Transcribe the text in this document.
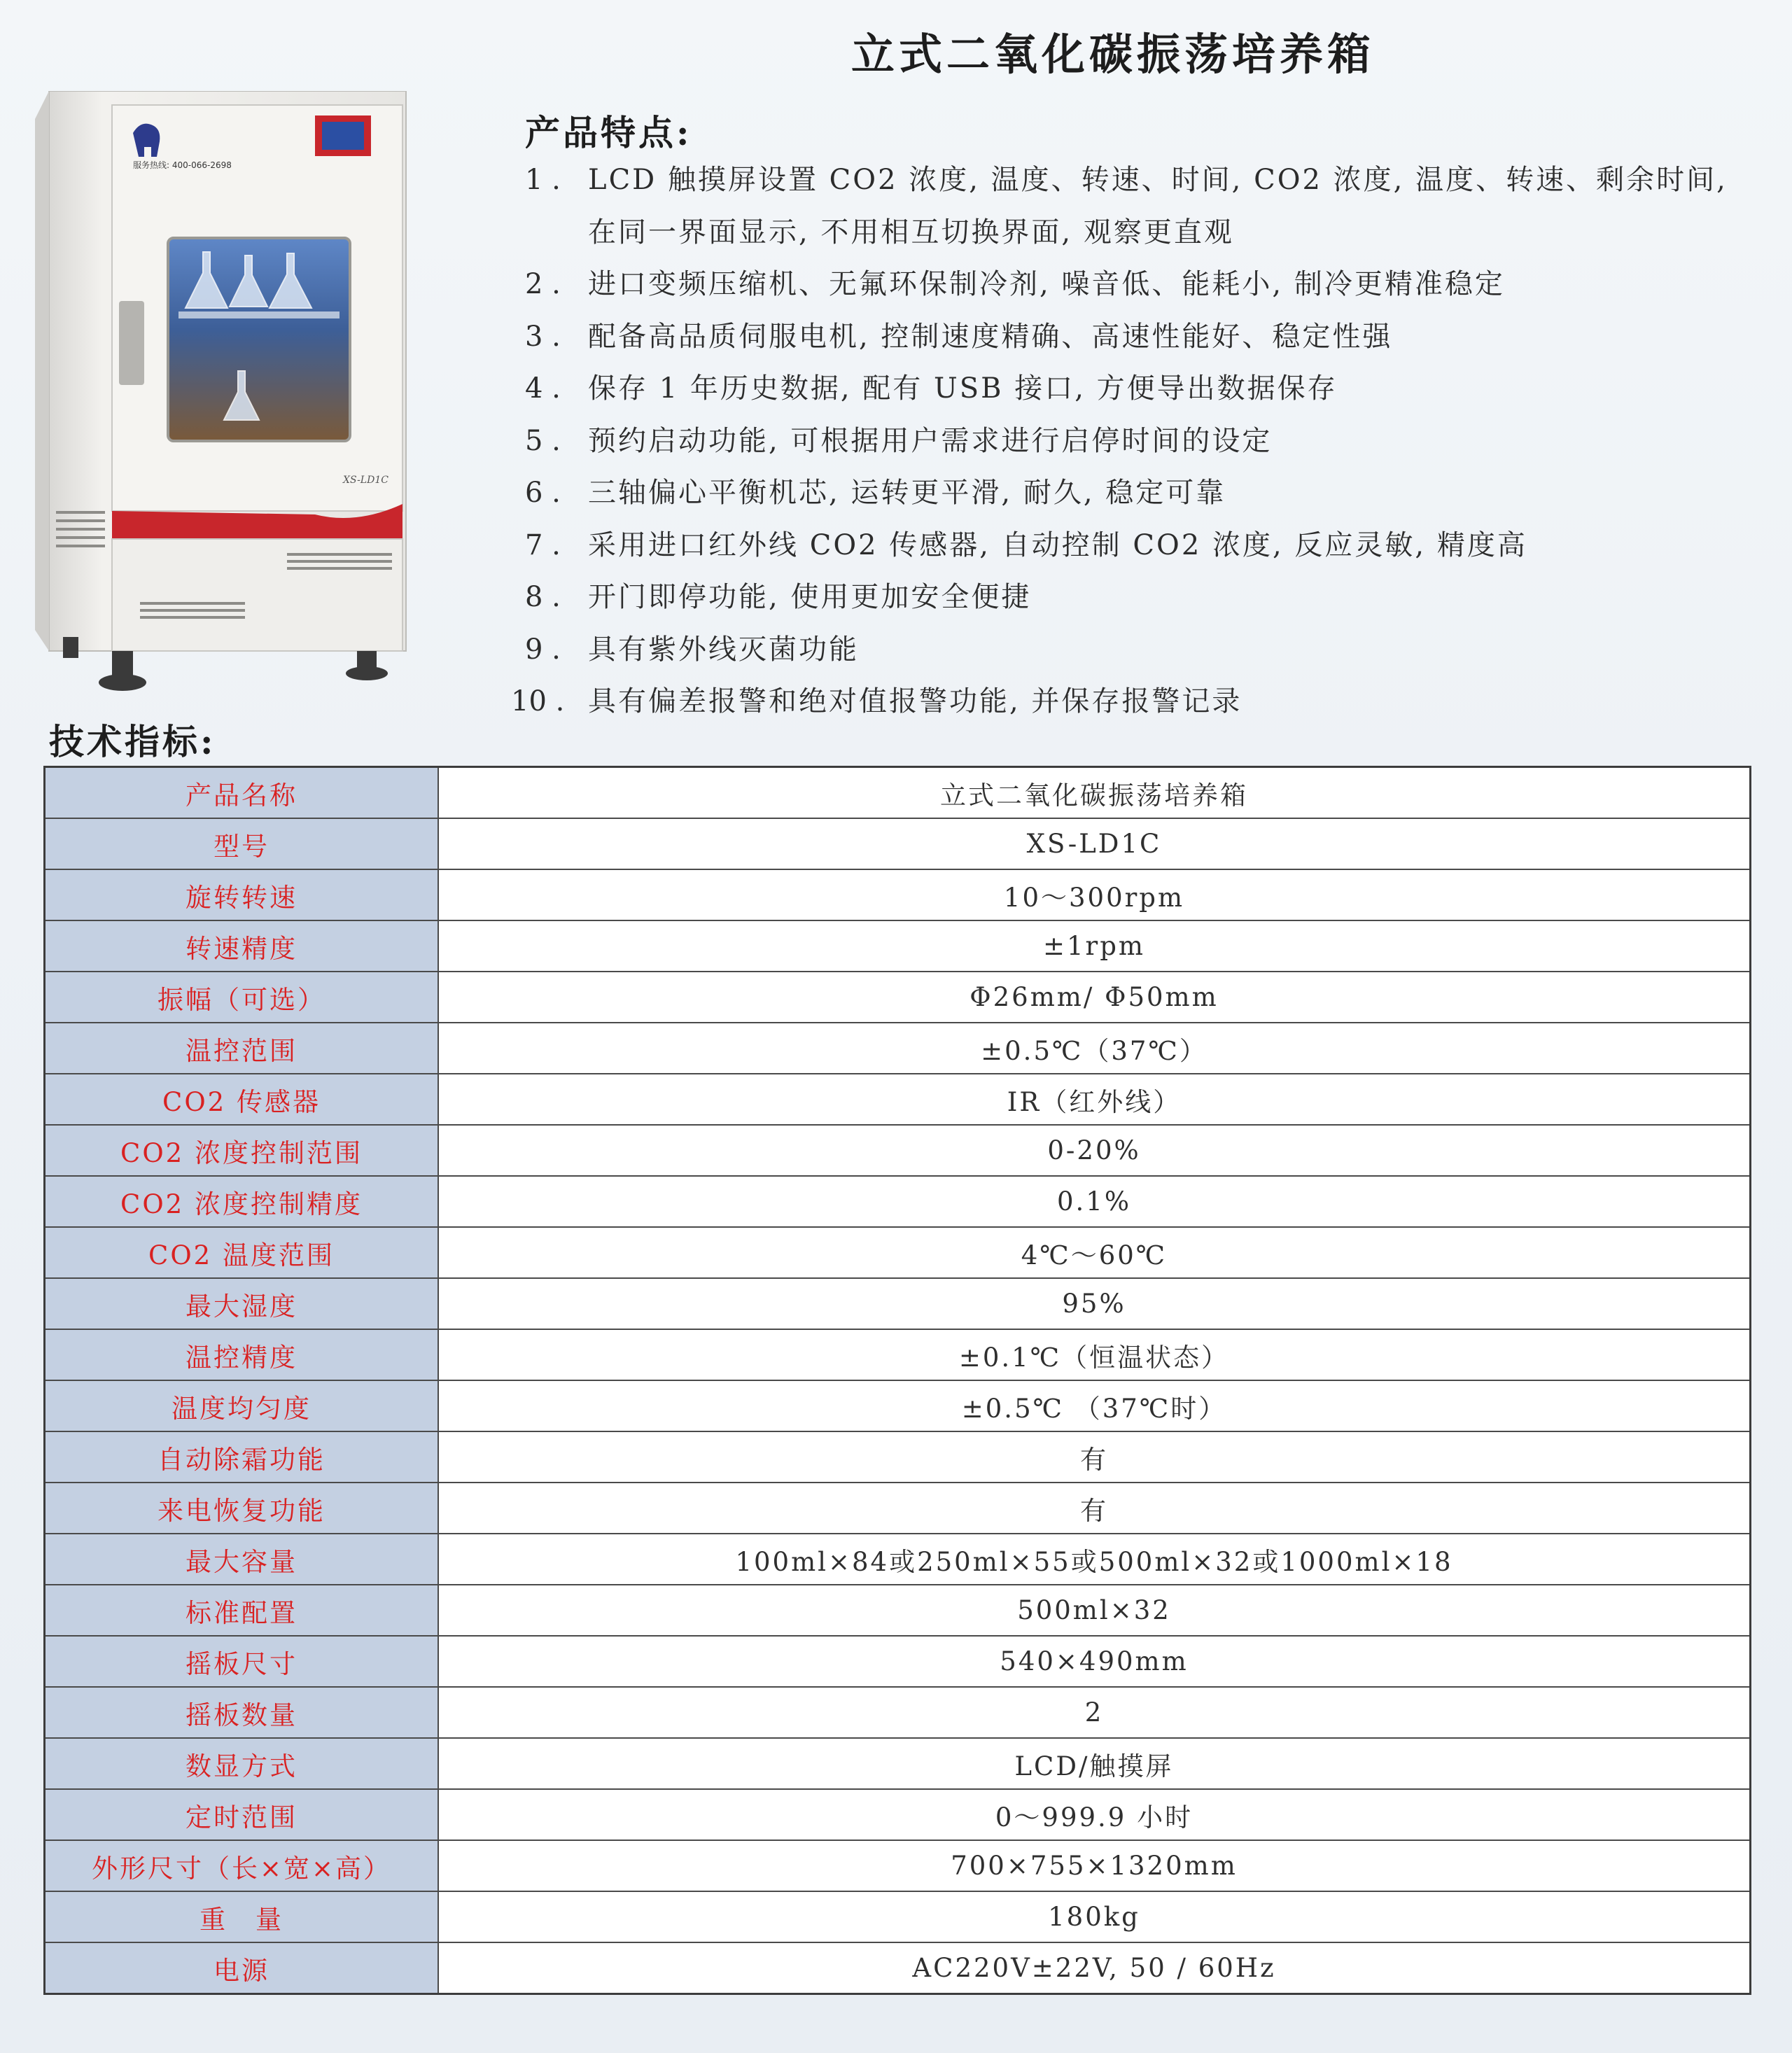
立式二氧化碳振荡培养箱
服务热线: 400-066-2698
XS-LD1C
产品特点:
1 . LCD 触摸屏设置 CO2 浓度, 温度、转速、时间, CO2 浓度, 温度、转速、剩余时间,
在同一界面显示, 不用相互切换界面, 观察更直观
2 . 进口变频压缩机、无氟环保制冷剂, 噪音低、能耗小, 制冷更精准稳定
3 . 配备高品质伺服电机, 控制速度精确、高速性能好、稳定性强
4 . 保存 1 年历史数据, 配有 USB 接口, 方便导出数据保存
5 . 预约启动功能, 可根据用户需求进行启停时间的设定
6 . 三轴偏心平衡机芯, 运转更平滑, 耐久, 稳定可靠
7 . 采用进口红外线 CO2 传感器, 自动控制 CO2 浓度, 反应灵敏, 精度高
8 . 开门即停功能, 使用更加安全便捷
9 . 具有紫外线灭菌功能
10 . 具有偏差报警和绝对值报警功能, 并保存报警记录
技术指标:
产品名称	立式二氧化碳振荡培养箱
型号	XS-LD1C
旋转转速	10～300rpm
转速精度	±1rpm
振幅（可选）	Φ26mm/ Φ50mm
温控范围	±0.5℃（37℃）
CO2 传感器	IR（红外线）
CO2 浓度控制范围	0-20%
CO2 浓度控制精度	0.1%
CO2 温度范围	4℃～60℃
最大湿度	95%
温控精度	±0.1℃（恒温状态）
温度均匀度	±0.5℃ （37℃时）
自动除霜功能	有
来电恢复功能	有
最大容量	100ml×84或250ml×55或500ml×32或1000ml×18
标准配置	500ml×32
摇板尺寸	540×490mm
摇板数量	2
数显方式	LCD/触摸屏
定时范围	0～999.9 小时
外形尺寸（长×宽×高）	700×755×1320mm
重　量	180kg
电源	AC220V±22V, 50 / 60Hz
